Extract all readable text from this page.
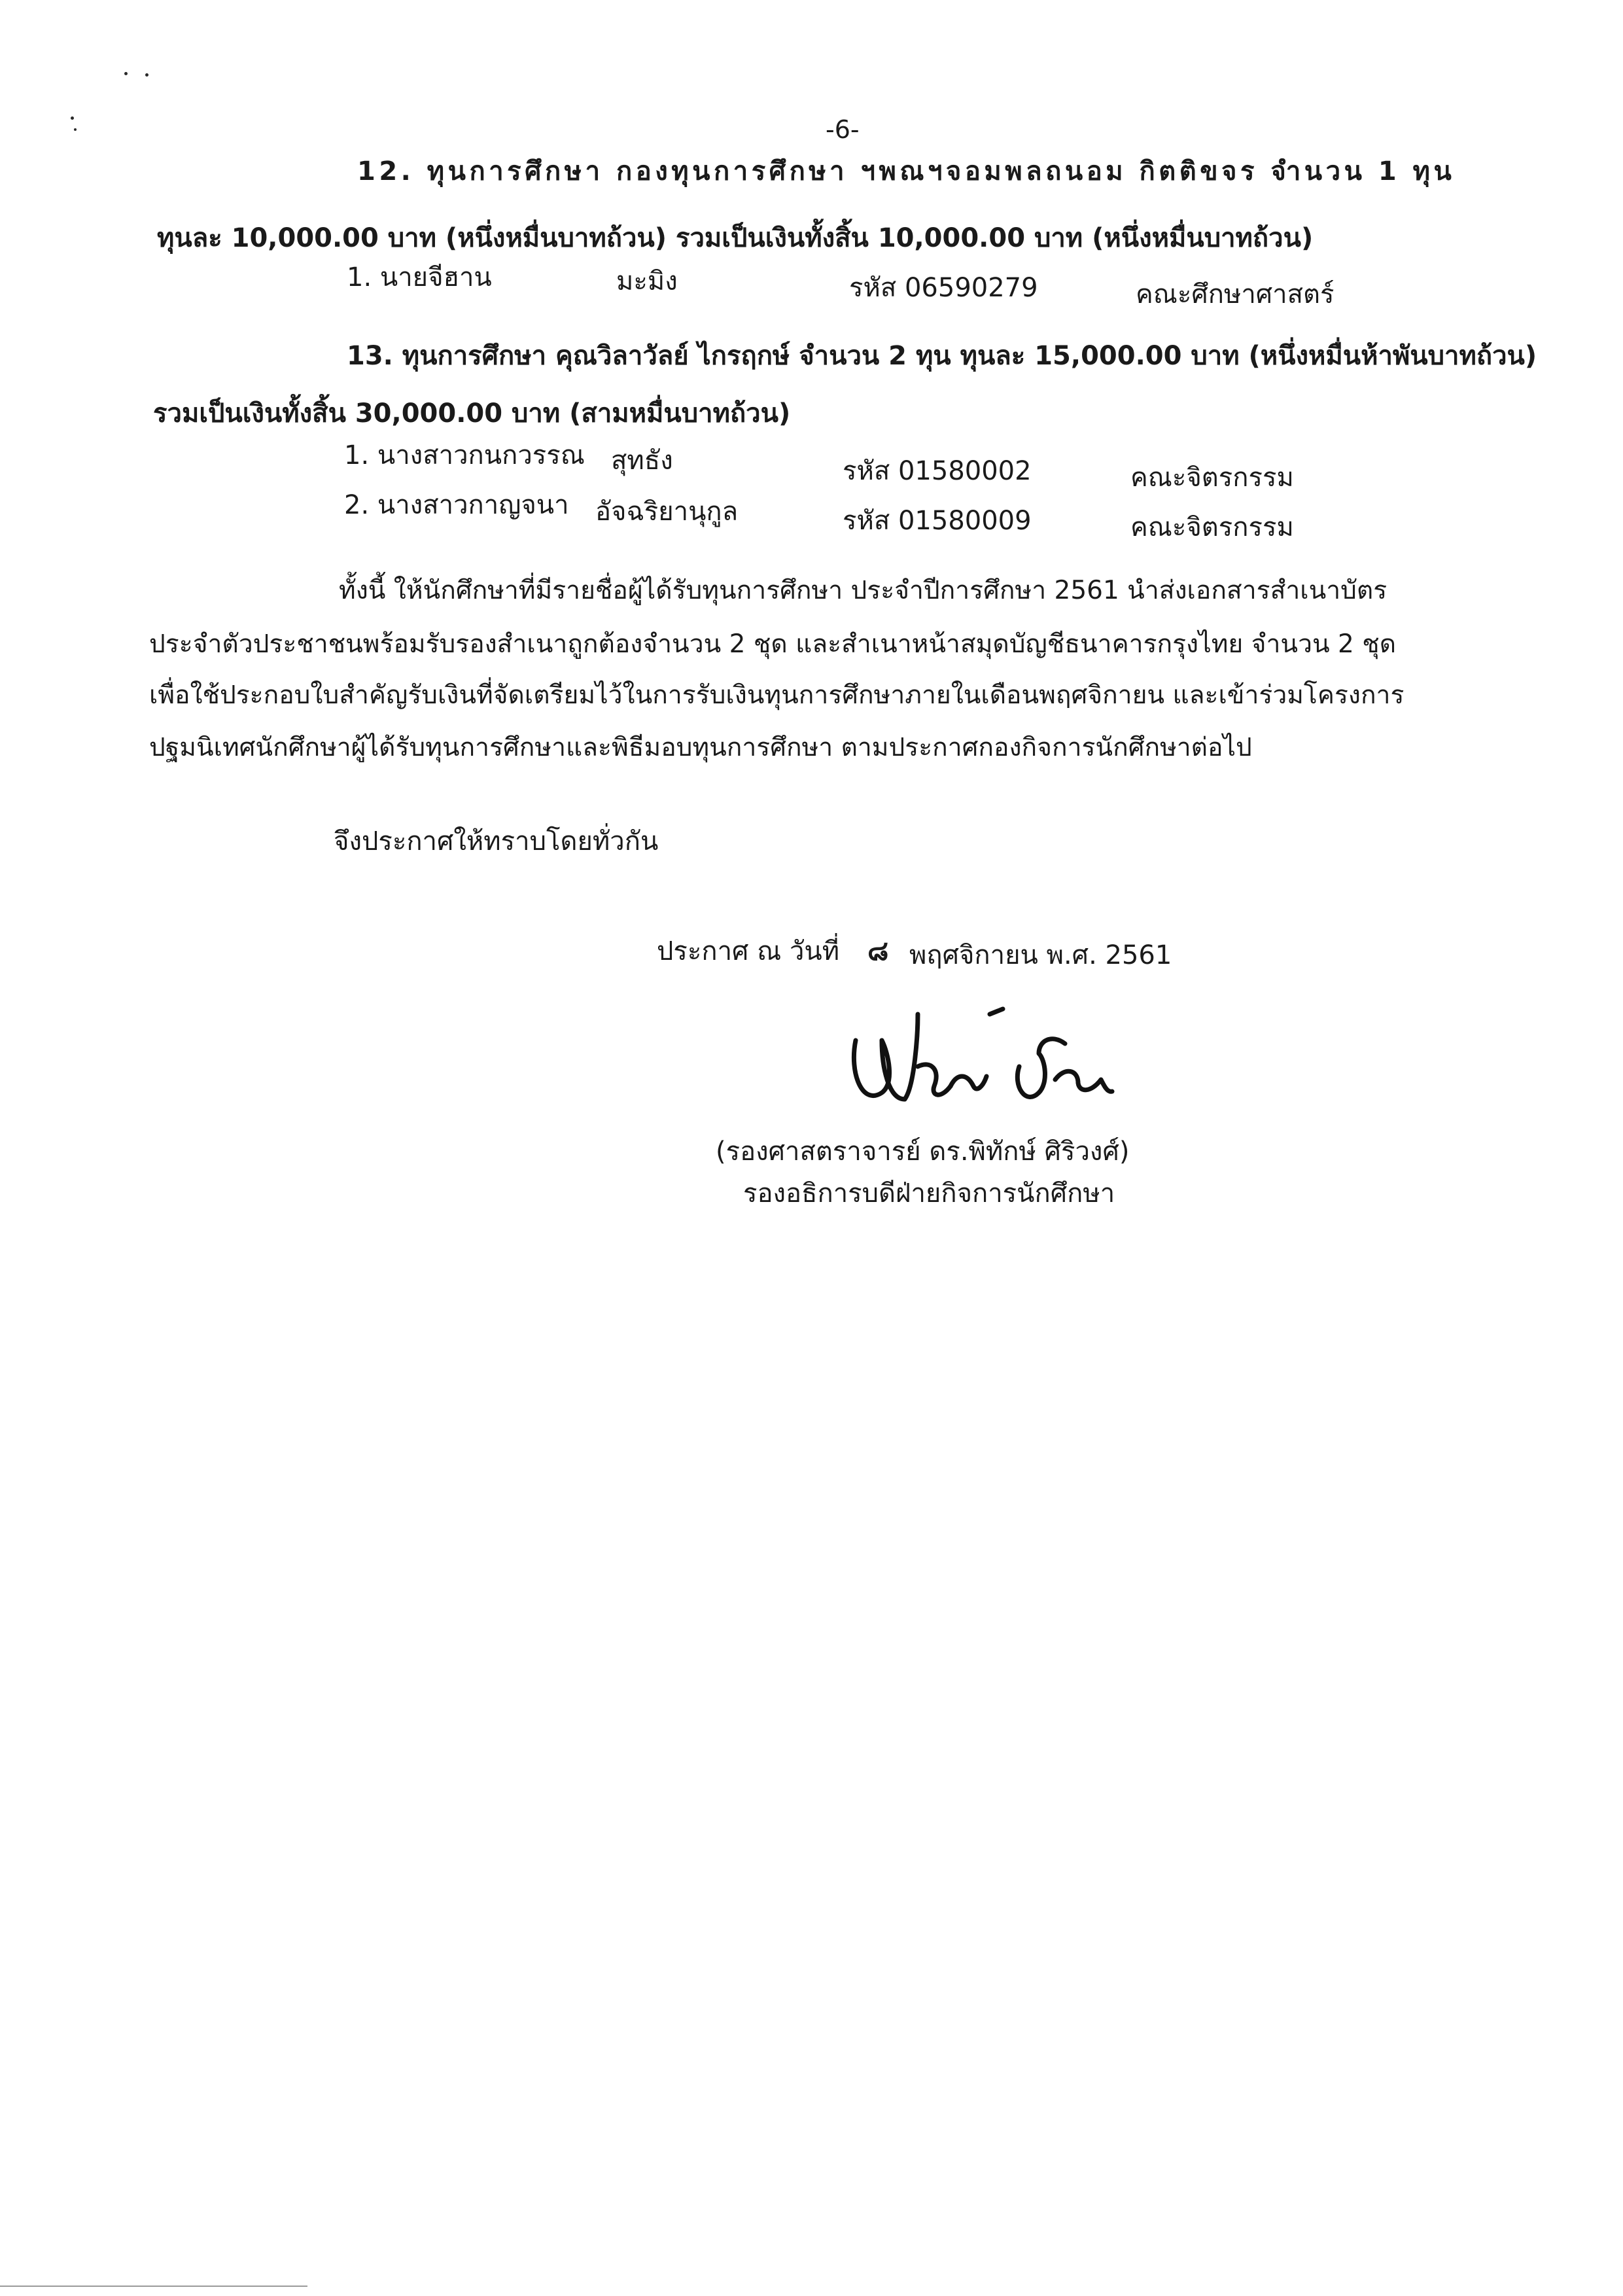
-6-
12. ทุนการศึกษา กองทุนการศึกษา ฯพณฯจอมพลถนอม กิตติขจร จำนวน 1 ทุน
ทุนละ 10,000.00 บาท (หนึ่งหมื่นบาทถ้วน) รวมเป็นเงินทั้งสิ้น 10,000.00 บาท (หนึ่งหมื่นบาทถ้วน)
1. นายจีฮาน	มะมิง	รหัส 06590279	คณะศึกษาศาสตร์
13. ทุนการศึกษา คุณวิลาวัลย์ ไกรฤกษ์ จำนวน 2 ทุน ทุนละ 15,000.00 บาท (หนึ่งหมื่นห้าพันบาทถ้วน)
รวมเป็นเงินทั้งสิ้น 30,000.00 บาท (สามหมื่นบาทถ้วน)
1. นางสาวกนกวรรณ สุทธัง	รหัส 01580002	คณะจิตรกรรม
2. นางสาวกาญจนา อัจฉริยานุกูล	รหัส 01580009	คณะจิตรกรรม
ทั้งนี้ ให้นักศึกษาที่มีรายชื่อผู้ได้รับทุนการศึกษา ประจำปีการศึกษา 2561 นำส่งเอกสารสำเนาบัตร
ประจำตัวประชาชนพร้อมรับรองสำเนาถูกต้องจำนวน 2 ชุด และสำเนาหน้าสมุดบัญชีธนาคารกรุงไทย จำนวน 2 ชุด
เพื่อใช้ประกอบใบสำคัญรับเงินที่จัดเตรียมไว้ในการรับเงินทุนการศึกษาภายในเดือนพฤศจิกายน และเข้าร่วมโครงการ
ปฐมนิเทศนักศึกษาผู้ได้รับทุนการศึกษาและพิธีมอบทุนการศึกษา ตามประกาศกองกิจการนักศึกษาต่อไป
จึงประกาศให้ทราบโดยทั่วกัน
ประกาศ ณ วันที่ ๘ พฤศจิกายน พ.ศ. 2561
(รองศาสตราจารย์ ดร.พิทักษ์ ศิริวงศ์)
รองอธิการบดีฝ่ายกิจการนักศึกษา
